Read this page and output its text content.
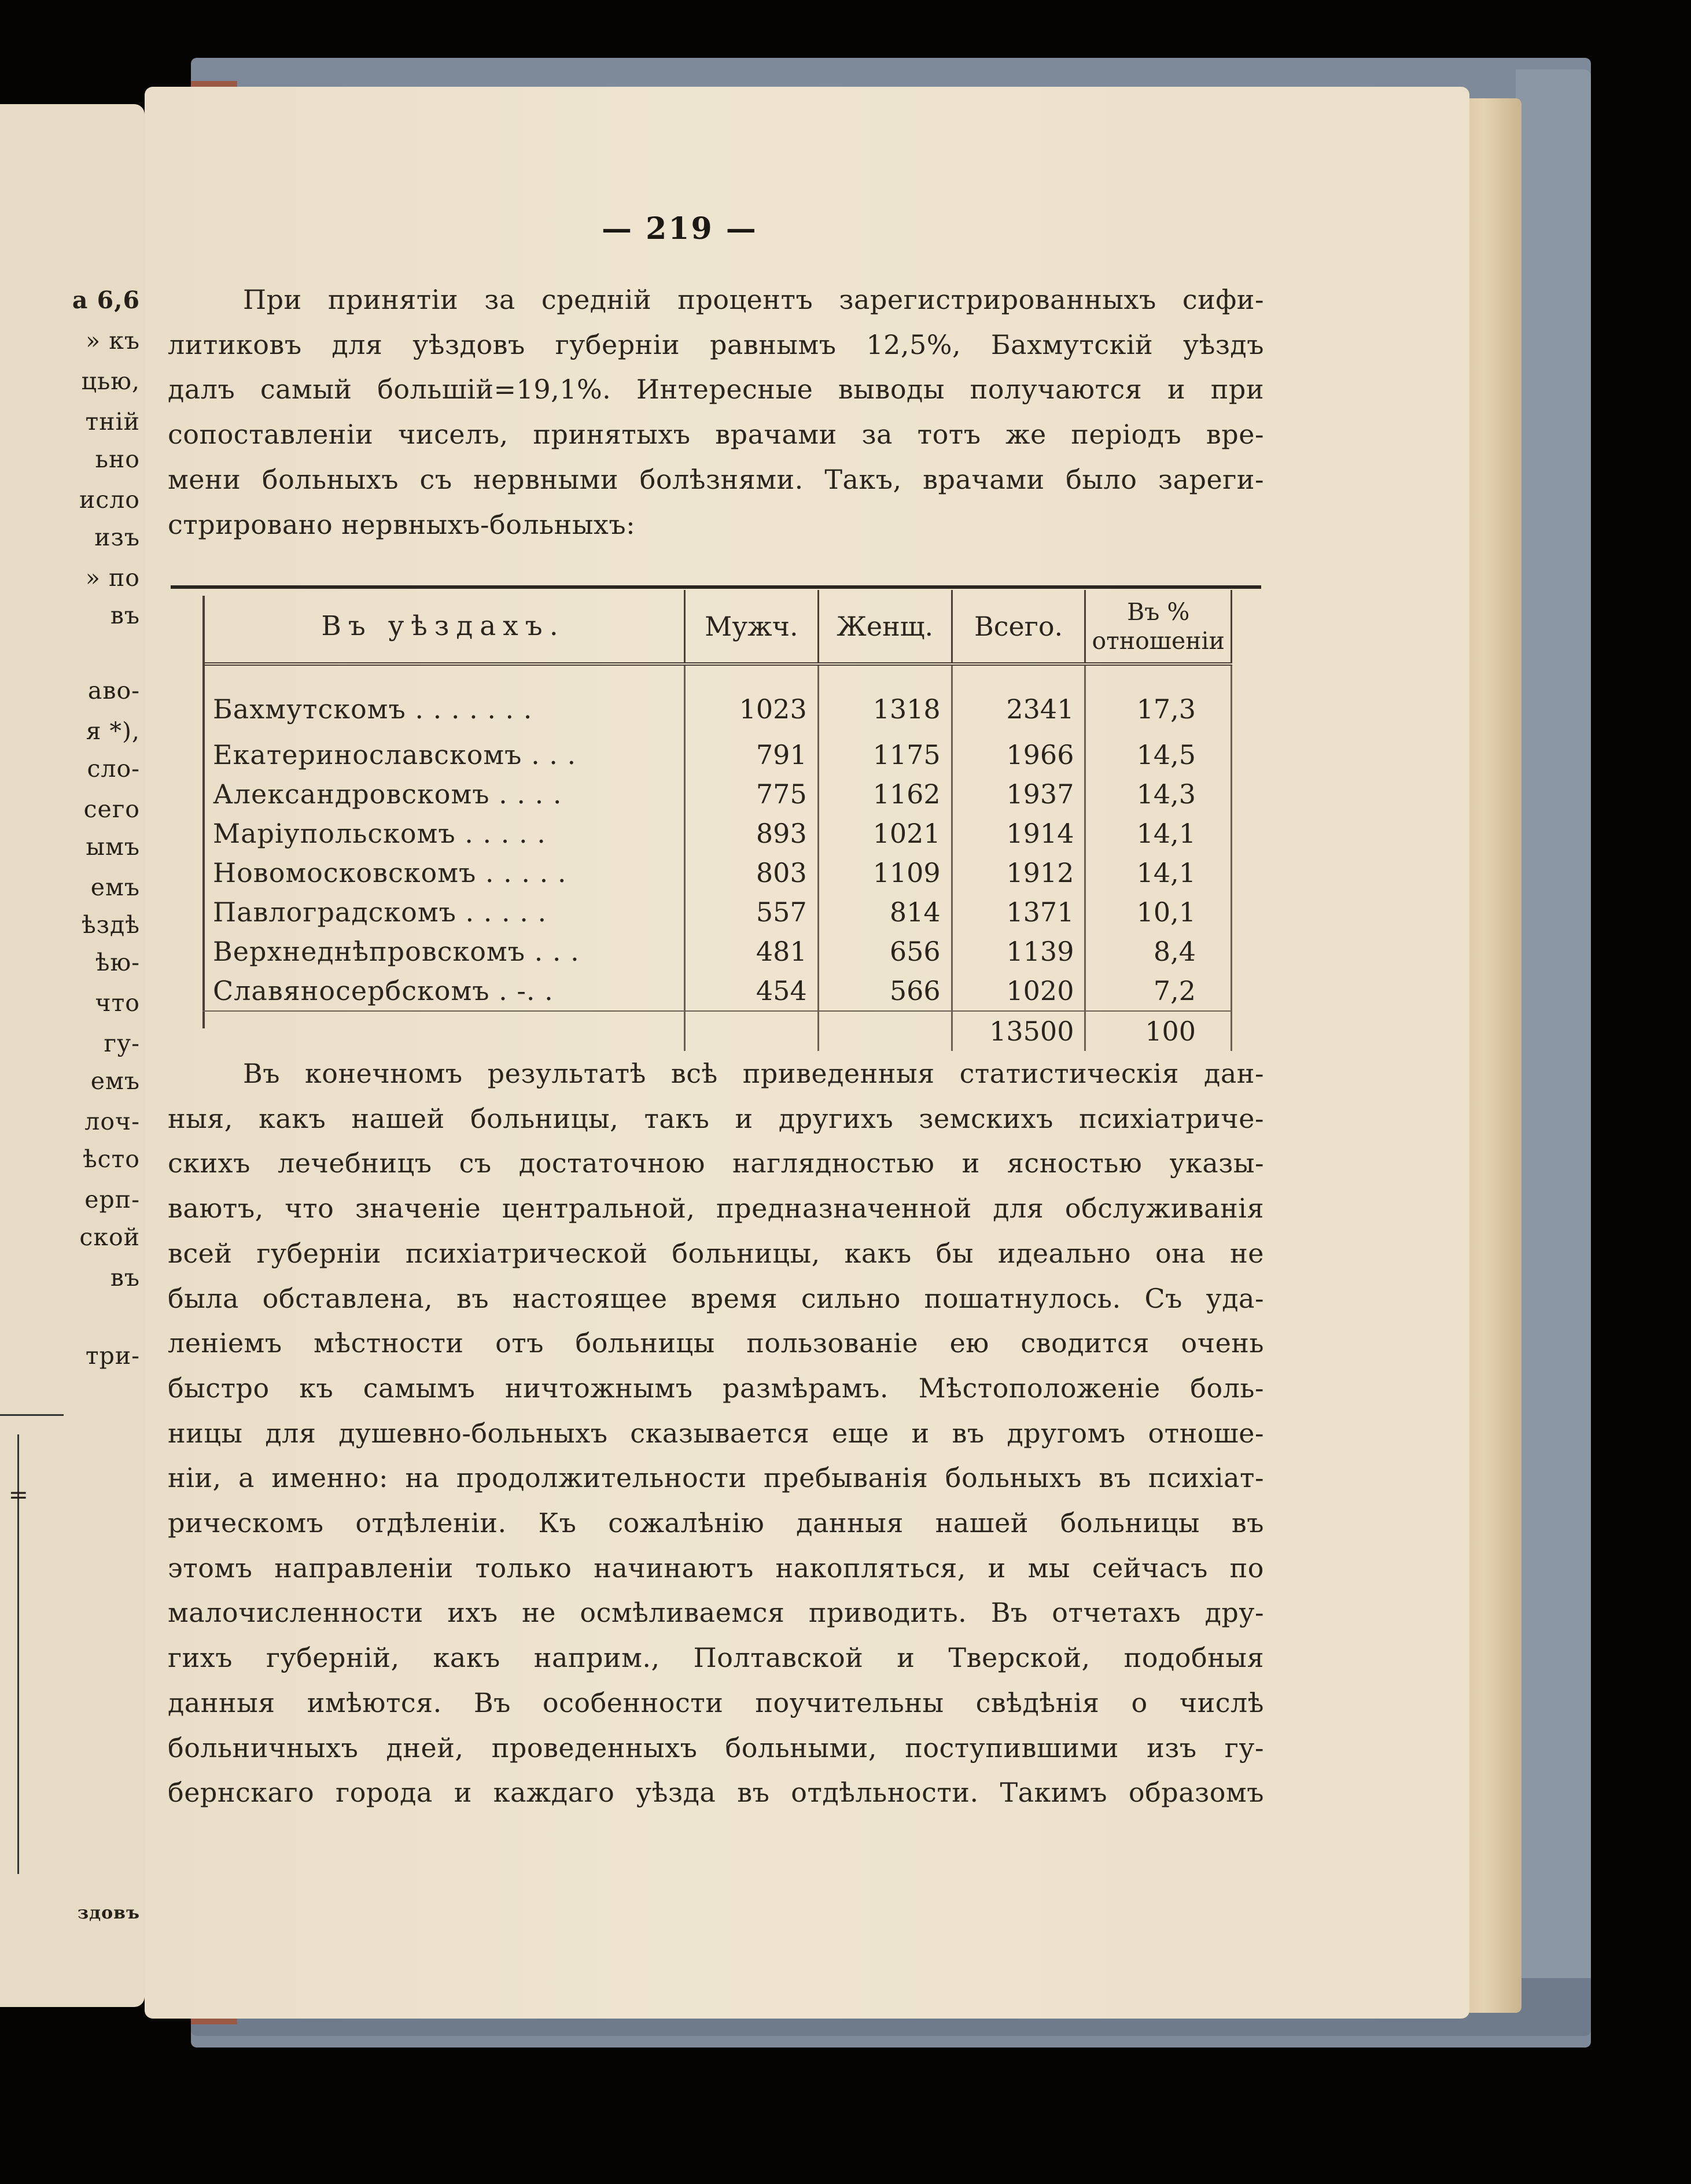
а 6,6
» къ
цью,
тній
ьно
исло
изъ
» по
въ
аво-
я *),
сло-
сего
ымъ
емъ
ѣздѣ
ѣю-
что
гу-
емъ
лоч-
ѣсто
ерп-
ской
въ
три-
=
здовъ
— 219 —
При принятіи за средній процентъ зарегистрированныхъ сифи-
литиковъ для уѣздовъ губерніи равнымъ 12,5%, Бахмутскій уѣздъ
далъ самый большій=19,1%. Интересные выводы получаются и при
сопоставленіи чиселъ, принятыхъ врачами за тотъ же періодъ вре-
мени больныхъ съ нервными болѣзнями. Такъ, врачами было зареги-
стрировано нервныхъ-больныхъ:
Въ уѣздахъ.	Мужч.	Женщ.	Всего.	Въ %
отношеніи

Бахмутскомъ . . . . . . .	1023	1318	2341	17,3
Екатеринославскомъ . . .	791	1175	1966	14,5
Александровскомъ . . . .	775	1162	1937	14,3
Маріупольскомъ . . . . .	893	1021	1914	14,1
Новомосковскомъ . . . . .	803	1109	1912	14,1
Павлоградскомъ . . . . .	557	814	1371	10,1
Верхнеднѣпровскомъ . . .	481	656	1139	8,4
Славяносербскомъ . -. .	454	566	1020	7,2
			13500	100
Въ конечномъ результатѣ всѣ приведенныя статистическія дан-
ныя, какъ нашей больницы, такъ и другихъ земскихъ психіатриче-
скихъ лечебницъ съ достаточною наглядностью и ясностью указы-
ваютъ, что значеніе центральной, предназначенной для обслуживанія
всей губерніи психіатрической больницы, какъ бы идеально она не
была обставлена, въ настоящее время сильно пошатнулось. Съ уда-
леніемъ мѣстности отъ больницы пользованіе ею сводится очень
быстро къ самымъ ничтожнымъ размѣрамъ. Мѣстоположеніе боль-
ницы для душевно-больныхъ сказывается еще и въ другомъ отноше-
ніи, а именно: на продолжительности пребыванія больныхъ въ психіат-
рическомъ отдѣленіи. Къ сожалѣнію данныя нашей больницы въ
этомъ направленіи только начинаютъ накопляться, и мы сейчасъ по
малочисленности ихъ не осмѣливаемся приводить. Въ отчетахъ дру-
гихъ губерній, какъ наприм., Полтавской и Тверской, подобныя
данныя имѣются. Въ особенности поучительны свѣдѣнія о числѣ
больничныхъ дней, проведенныхъ больными, поступившими изъ гу-
бернскаго города и каждаго уѣзда въ отдѣльности. Такимъ образомъ
